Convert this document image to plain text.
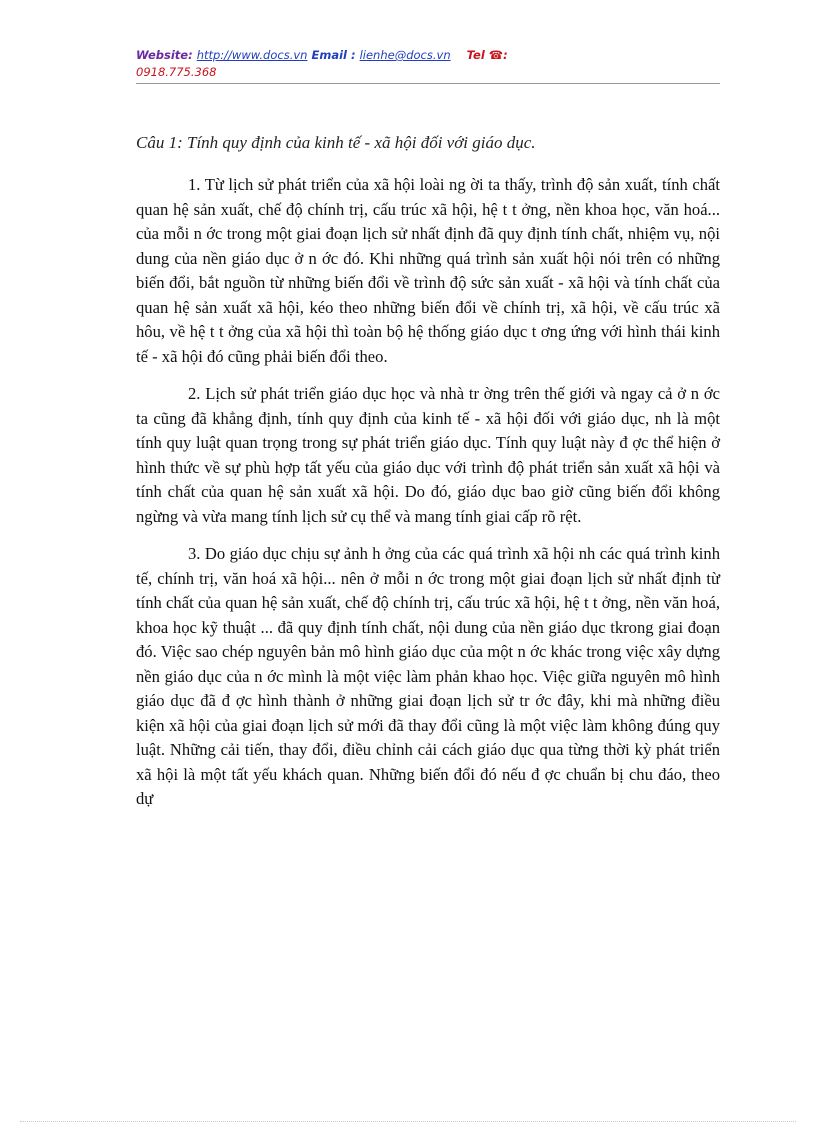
Website: http://www.docs.vn Email : lienhe@docs.vn Tel ☎:
0918.775.368
Câu 1: Tính quy định của kinh tế - xã hội đối với giáo dục.

1. Từ lịch sử phát triển của xã hội loài ng ời ta thấy, trình độ sản xuất, tính chất quan hệ sản xuất, chế độ chính trị, cấu trúc xã hội, hệ t t ởng, nền khoa học, văn hoá... của mỗi n ớc trong một giai đoạn lịch sử nhất định đã quy định tính chất, nhiệm vụ, nội dung của nền giáo dục ở n ớc đó. Khi những quá trình sản xuất hội nói trên có những biến đổi, bắt nguồn từ những biến đổi về trình độ sức sản xuất - xã hội và tính chất của quan hệ sản xuất xã hội, kéo theo những biến đổi về chính trị, xã hội, về cấu trúc xã hôu, về hệ t t ởng của xã hội thì toàn bộ hệ thống giáo dục t ơng ứng với hình thái kinh tế - xã hội đó cũng phải biến đổi theo.

2. Lịch sử phát triển giáo dục học và nhà tr ờng trên thế giới và ngay cả ở n ớc ta cũng đã khẳng định, tính quy định của kinh tế - xã hội đối với giáo dục, nh là một tính quy luật quan trọng trong sự phát triển giáo dục. Tính quy luật này đ ợc thể hiện ở hình thức về sự phù hợp tất yếu của giáo dục với trình độ phát triển sản xuất xã hội và tính chất của quan hệ sản xuất xã hội. Do đó, giáo dục bao giờ cũng biến đổi không ngừng và vừa mang tính lịch sử cụ thể và mang tính giai cấp rõ rệt.

3. Do giáo dục chịu sự ảnh h ởng của các quá trình xã hội nh các quá trình kinh tế, chính trị, văn hoá xã hội... nên ở mỗi n ớc trong một giai đoạn lịch sử nhất định từ tính chất của quan hệ sản xuất, chế độ chính trị, cấu trúc xã hội, hệ t t ởng, nền văn hoá, khoa học kỹ thuật ... đã quy định tính chất, nội dung của nền giáo dục tkrong giai đoạn đó. Việc sao chép nguyên bản mô hình giáo dục của một n ớc khác trong việc xây dựng nền giáo dục của n ớc mình là một việc làm phản khao học. Việc giữa nguyên mô hình giáo dục đã đ ợc hình thành ở những giai đoạn lịch sử tr ớc đây, khi mà những điều kiện xã hội của giai đoạn lịch sử mới đã thay đổi cũng là một việc làm không đúng quy luật. Những cải tiến, thay đổi, điều chỉnh cải cách giáo dục qua từng thời kỳ phát triển xã hội là một tất yếu khách quan. Những biến đổi đó nếu đ ợc chuẩn bị chu đáo, theo dự
